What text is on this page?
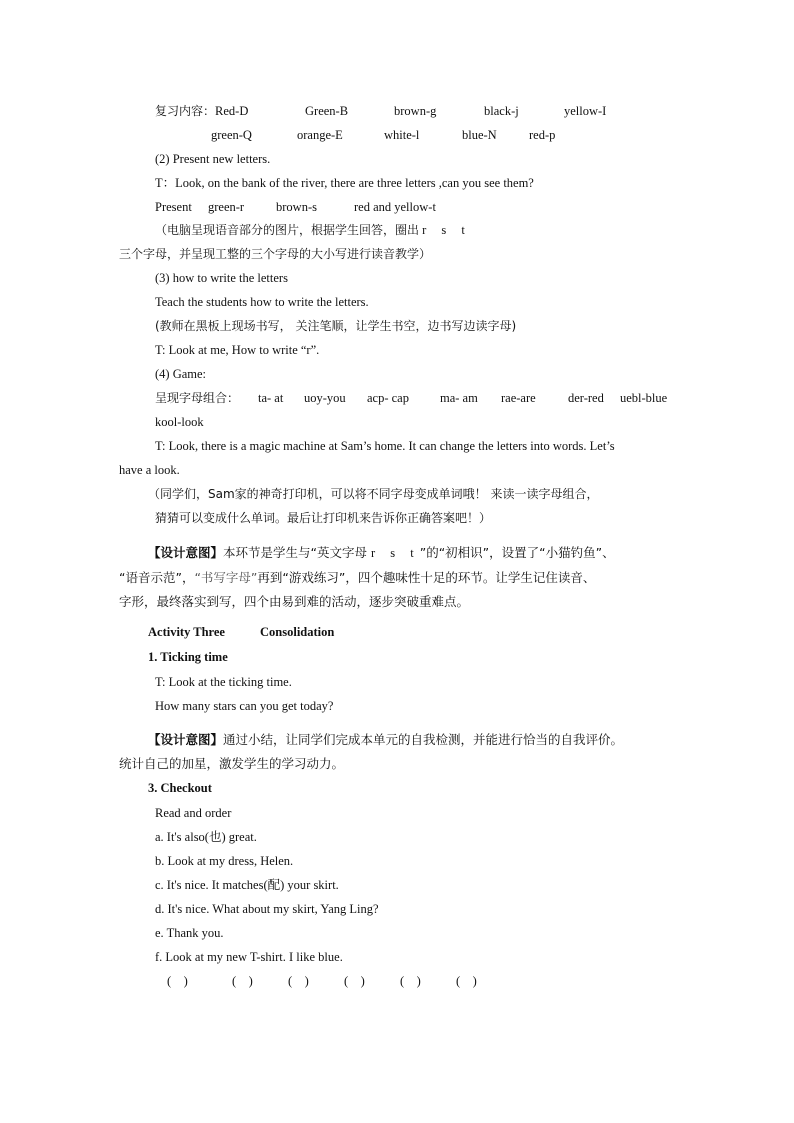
复习内容：Red-D	Green-B	brown-g	black-j	yellow-I
green-Q	orange-E	white-l	blue-N	red-p
(2) Present new letters.
T：Look, on the bank of the river, there are three letters ,can you see them?
Present green-r	brown-s	red and yellow-t
（电脑呈现语音部分的图片，根据学生回答，圈出 r s t
三个字母，并呈现工整的三个字母的大小写进行读音教学）
(3) how to write the letters
Teach the students how to write the letters.
(教师在黑板上现场书写， 关注笔顺，让学生书空，边书写边读字母)
T: Look at me, How to write “r”.
(4) Game:
呈现字母组合： ta- at uoy-you acp- cap ma- am rae-are	der-red uebl-blue
kool-look
T: Look, there is a magic machine at Sam’s home. It can change the letters into words. Let’s
have a look.
（同学们，Sam家的神奇打印机，可以将不同字母变成单词哦！ 来读一读字母组合，
猜猜可以变成什么单词。最后让打印机来告诉你正确答案吧！）
【设计意图】本环节是学生与“英文字母 r s t”的“初相识”，设置了“小猫钓鱼”、
“语音示范”，“书写字母”再到“游戏练习”，四个趣味性十足的环节。让学生记住读音、
字形，最终落实到写，四个由易到难的活动，逐步突破重难点。
Activity Three	Consolidation
1. Ticking time
T: Look at the ticking time.
How many stars can you get today?
【设计意图】通过小结，让同学们完成本单元的自我检测，并能进行恰当的自我评价。
统计自己的加星，激发学生的学习动力。
3. Checkout
Read and order
a. It's also(也) great.
b. Look at my dress, Helen.
c. It's nice. It matches(配) your skirt.
d. It's nice. What about my skirt, Yang Ling?
e. Thank you.
f. Look at my new T-shirt. I like blue.
(    )	(    )	(    )	(    )	(    )	(    )
